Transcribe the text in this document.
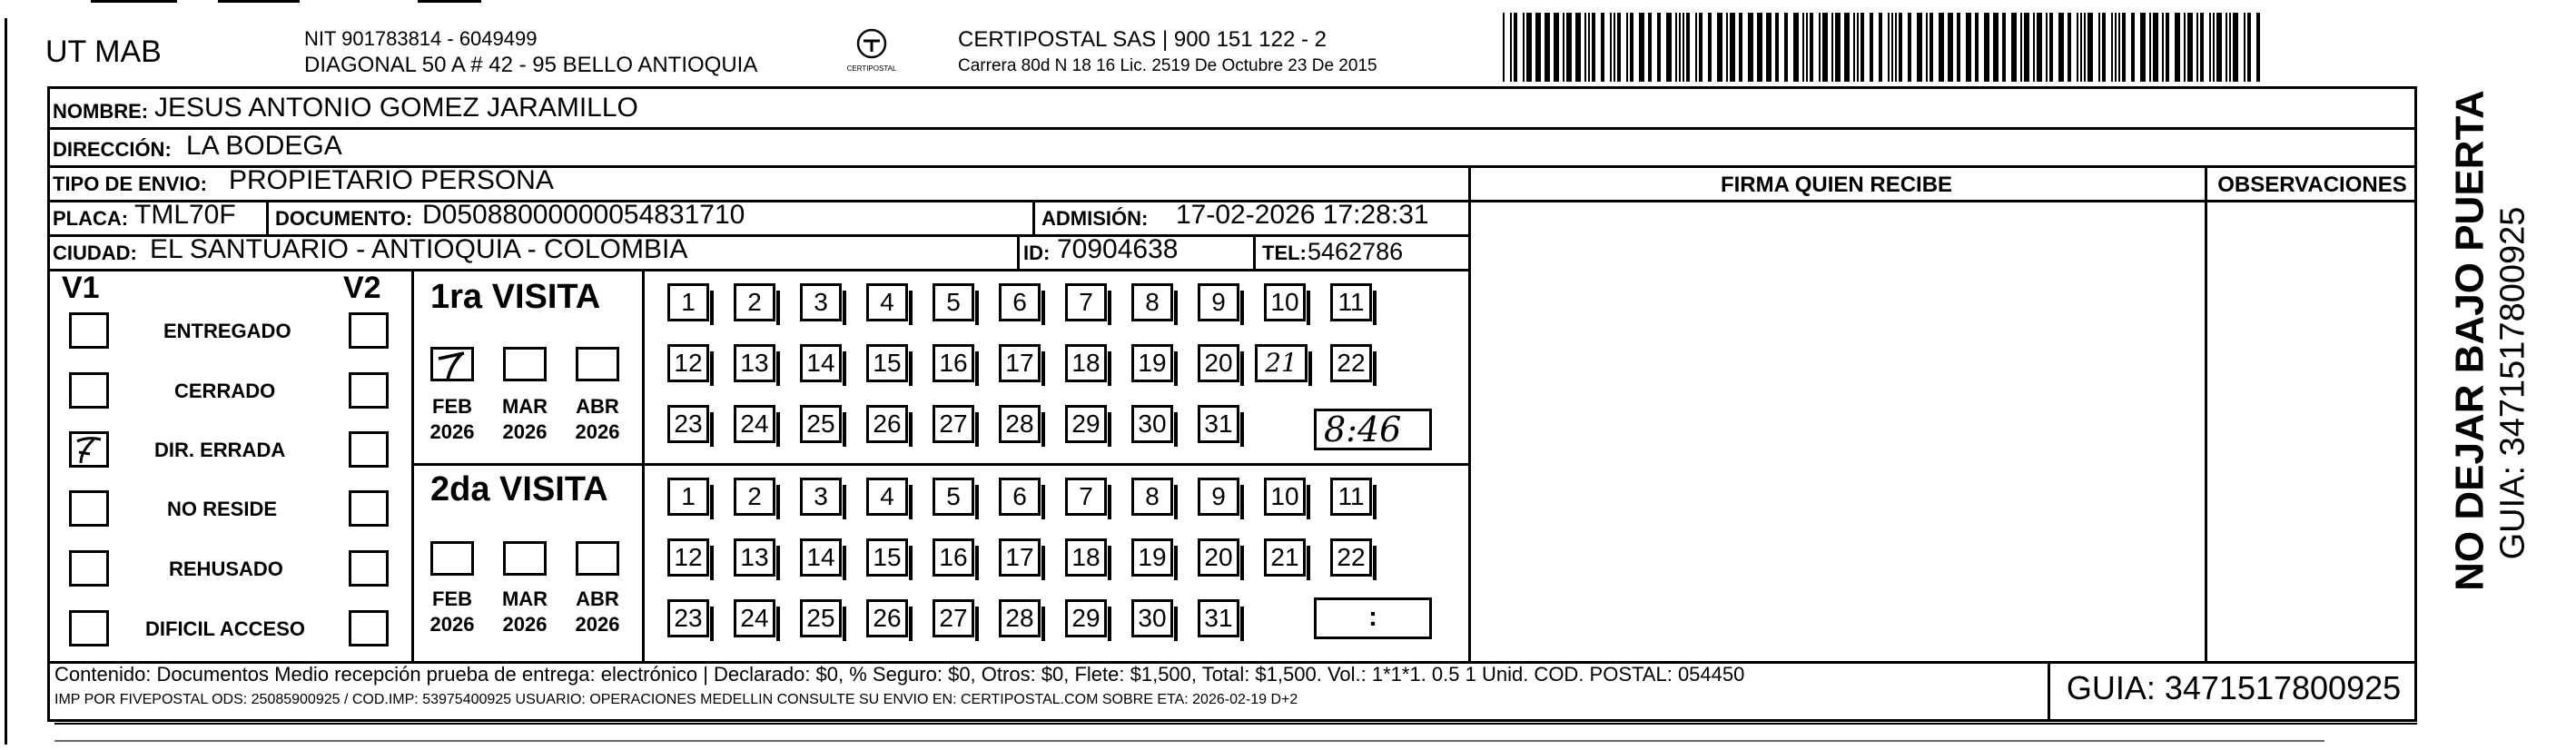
UT MAB	NIT 901783814 - 6049499
DIAGONAL 50 A # 42 - 95 BELLO ANTIOQUIA	CERTIPOSTAL
CERTIPOSTAL SAS | 900 151 122 - 2
Carrera 80d N 18 16 Lic. 2519 De Octubre 23 De 2015
NOMBRE: JESUS ANTONIO GOMEZ JARAMILLO
DIRECCIÓN: LA BODEGA
TIPO DE ENVIO: PROPIETARIO PERSONA	FIRMA QUIEN RECIBE	OBSERVACIONES
PLACA: TML70F DOCUMENTO: D05088000000054831710	ADMISIÓN: 17-02-2026 17:28:31
CIUDAD: EL SANTUARIO - ANTIOQUIA - COLOMBIA	ID: 70904638	TEL: 5462786
V1	V2
ENTREGADO
CERRADO
DIR. ERRADA
NO RESIDE
REHUSADO
DIFICIL ACCESO
1ra VISITA
FEB
2026
MAR
2026
ABR
2026
2da VISITA
FEB
2026
MAR
2026
ABR
2026
1	2	3	4	5	6	7	8	9	10	11
12 13 14 15 16 17 18 19 20	21	22
23 24 25 26 27 28 29 30 31
1	2	3	4	5	6	7	8	9	10	11
12 13 14 15 16 17 18 19 20 21 22
23 24 25 26 27 28 29 30 31
8:46
:
Contenido: Documentos Medio recepción prueba de entrega: electrónico | Declarado: $0, % Seguro: $0, Otros: $0, Flete: $1,500, Total: $1,500. Vol.: 1*1*1. 0.5 1 Unid. COD. POSTAL: 054450
IMP POR FIVEPOSTAL ODS: 25085900925 / COD.IMP: 53975400925 USUARIO: OPERACIONES MEDELLIN CONSULTE SU ENVIO EN: CERTIPOSTAL.COM SOBRE ETA: 2026-02-19 D+2	GUIA: 3471517800925
NO DEJAR BAJO PUERTA GUIA: 3471517800925
